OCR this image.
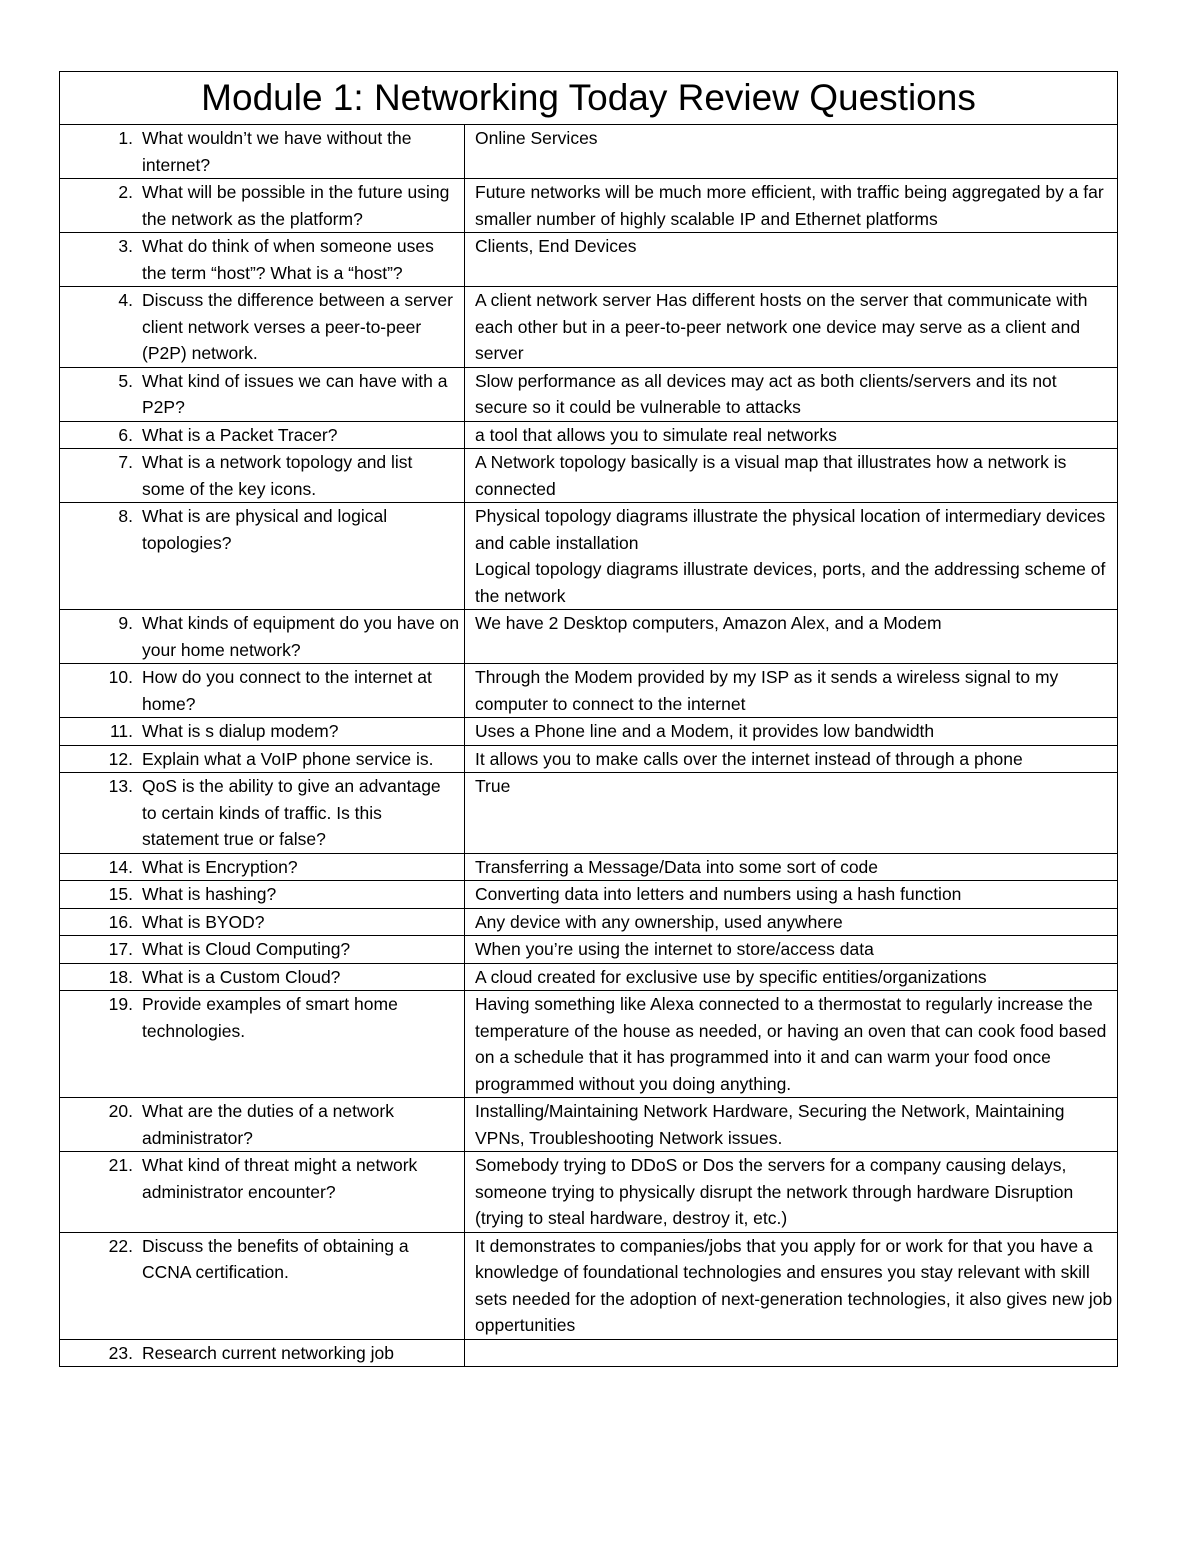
Module 1: Networking Today Review Questions	

1. What wouldn’t we have without the internet?	Online Services

2. What will be possible in the future using the network as the platform?	Future networks will be much more efficient, with traffic being aggregated by a far smaller number of highly scalable IP and Ethernet platforms

3. What do think of when someone uses the term “host”? What is a “host”?	Clients, End Devices

4. Discuss the difference between a server client network verses a peer-to-peer (P2P) network.	A client network server Has different hosts on the server that communicate with each other but in a peer-to-peer network one device may serve as a client and server

5. What kind of issues we can have with a P2P?	Slow performance as all devices may act as both clients/servers and its not secure so it could be vulnerable to attacks

6. What is a Packet Tracer?	a tool that allows you to simulate real networks

7. What is a network topology and list some of the key icons.	A Network topology basically is a visual map that illustrates how a network is connected

8. What is are physical and logical topologies?	Physical topology diagrams illustrate the physical location of intermediary devices and cable installation
Logical topology diagrams illustrate devices, ports, and the addressing scheme of the network

9. What kinds of equipment do you have on your home network?	We have 2 Desktop computers, Amazon Alex, and a Modem

10. How do you connect to the internet at home?	Through the Modem provided by my ISP as it sends a wireless signal to my computer to connect to the internet

11. What is s dialup modem?	Uses a Phone line and a Modem, it provides low bandwidth

12. Explain what a VoIP phone service is.	It allows you to make calls over the internet instead of through a phone

13. QoS is the ability to give an advantage to certain kinds of traffic. Is this statement true or false?	True

14. What is Encryption?	Transferring a Message/Data into some sort of code

15. What is hashing?	Converting data into letters and numbers using a hash function

16. What is BYOD?	Any device with any ownership, used anywhere

17. What is Cloud Computing?	When you’re using the internet to store/access data

18. What is a Custom Cloud?	A cloud created for exclusive use by specific entities/organizations

19. Provide examples of smart home technologies.	Having something like Alexa connected to a thermostat to regularly increase the temperature of the house as needed, or having an oven that can cook food based on a schedule that it has programmed into it and can warm your food once programmed without you doing anything.

20. What are the duties of a network administrator?	Installing/Maintaining Network Hardware, Securing the Network, Maintaining VPNs, Troubleshooting Network issues.

21. What kind of threat might a network administrator encounter?	Somebody trying to DDoS or Dos the servers for a company causing delays, someone trying to physically disrupt the network through hardware Disruption (trying to steal hardware, destroy it, etc.)

22. Discuss the benefits of obtaining a CCNA certification.	It demonstrates to companies/jobs that you apply for or work for that you have a knowledge of foundational technologies and ensures you stay relevant with skill sets needed for the adoption of next-generation technologies, it also gives new job oppertunities

23. Research current networking job	
